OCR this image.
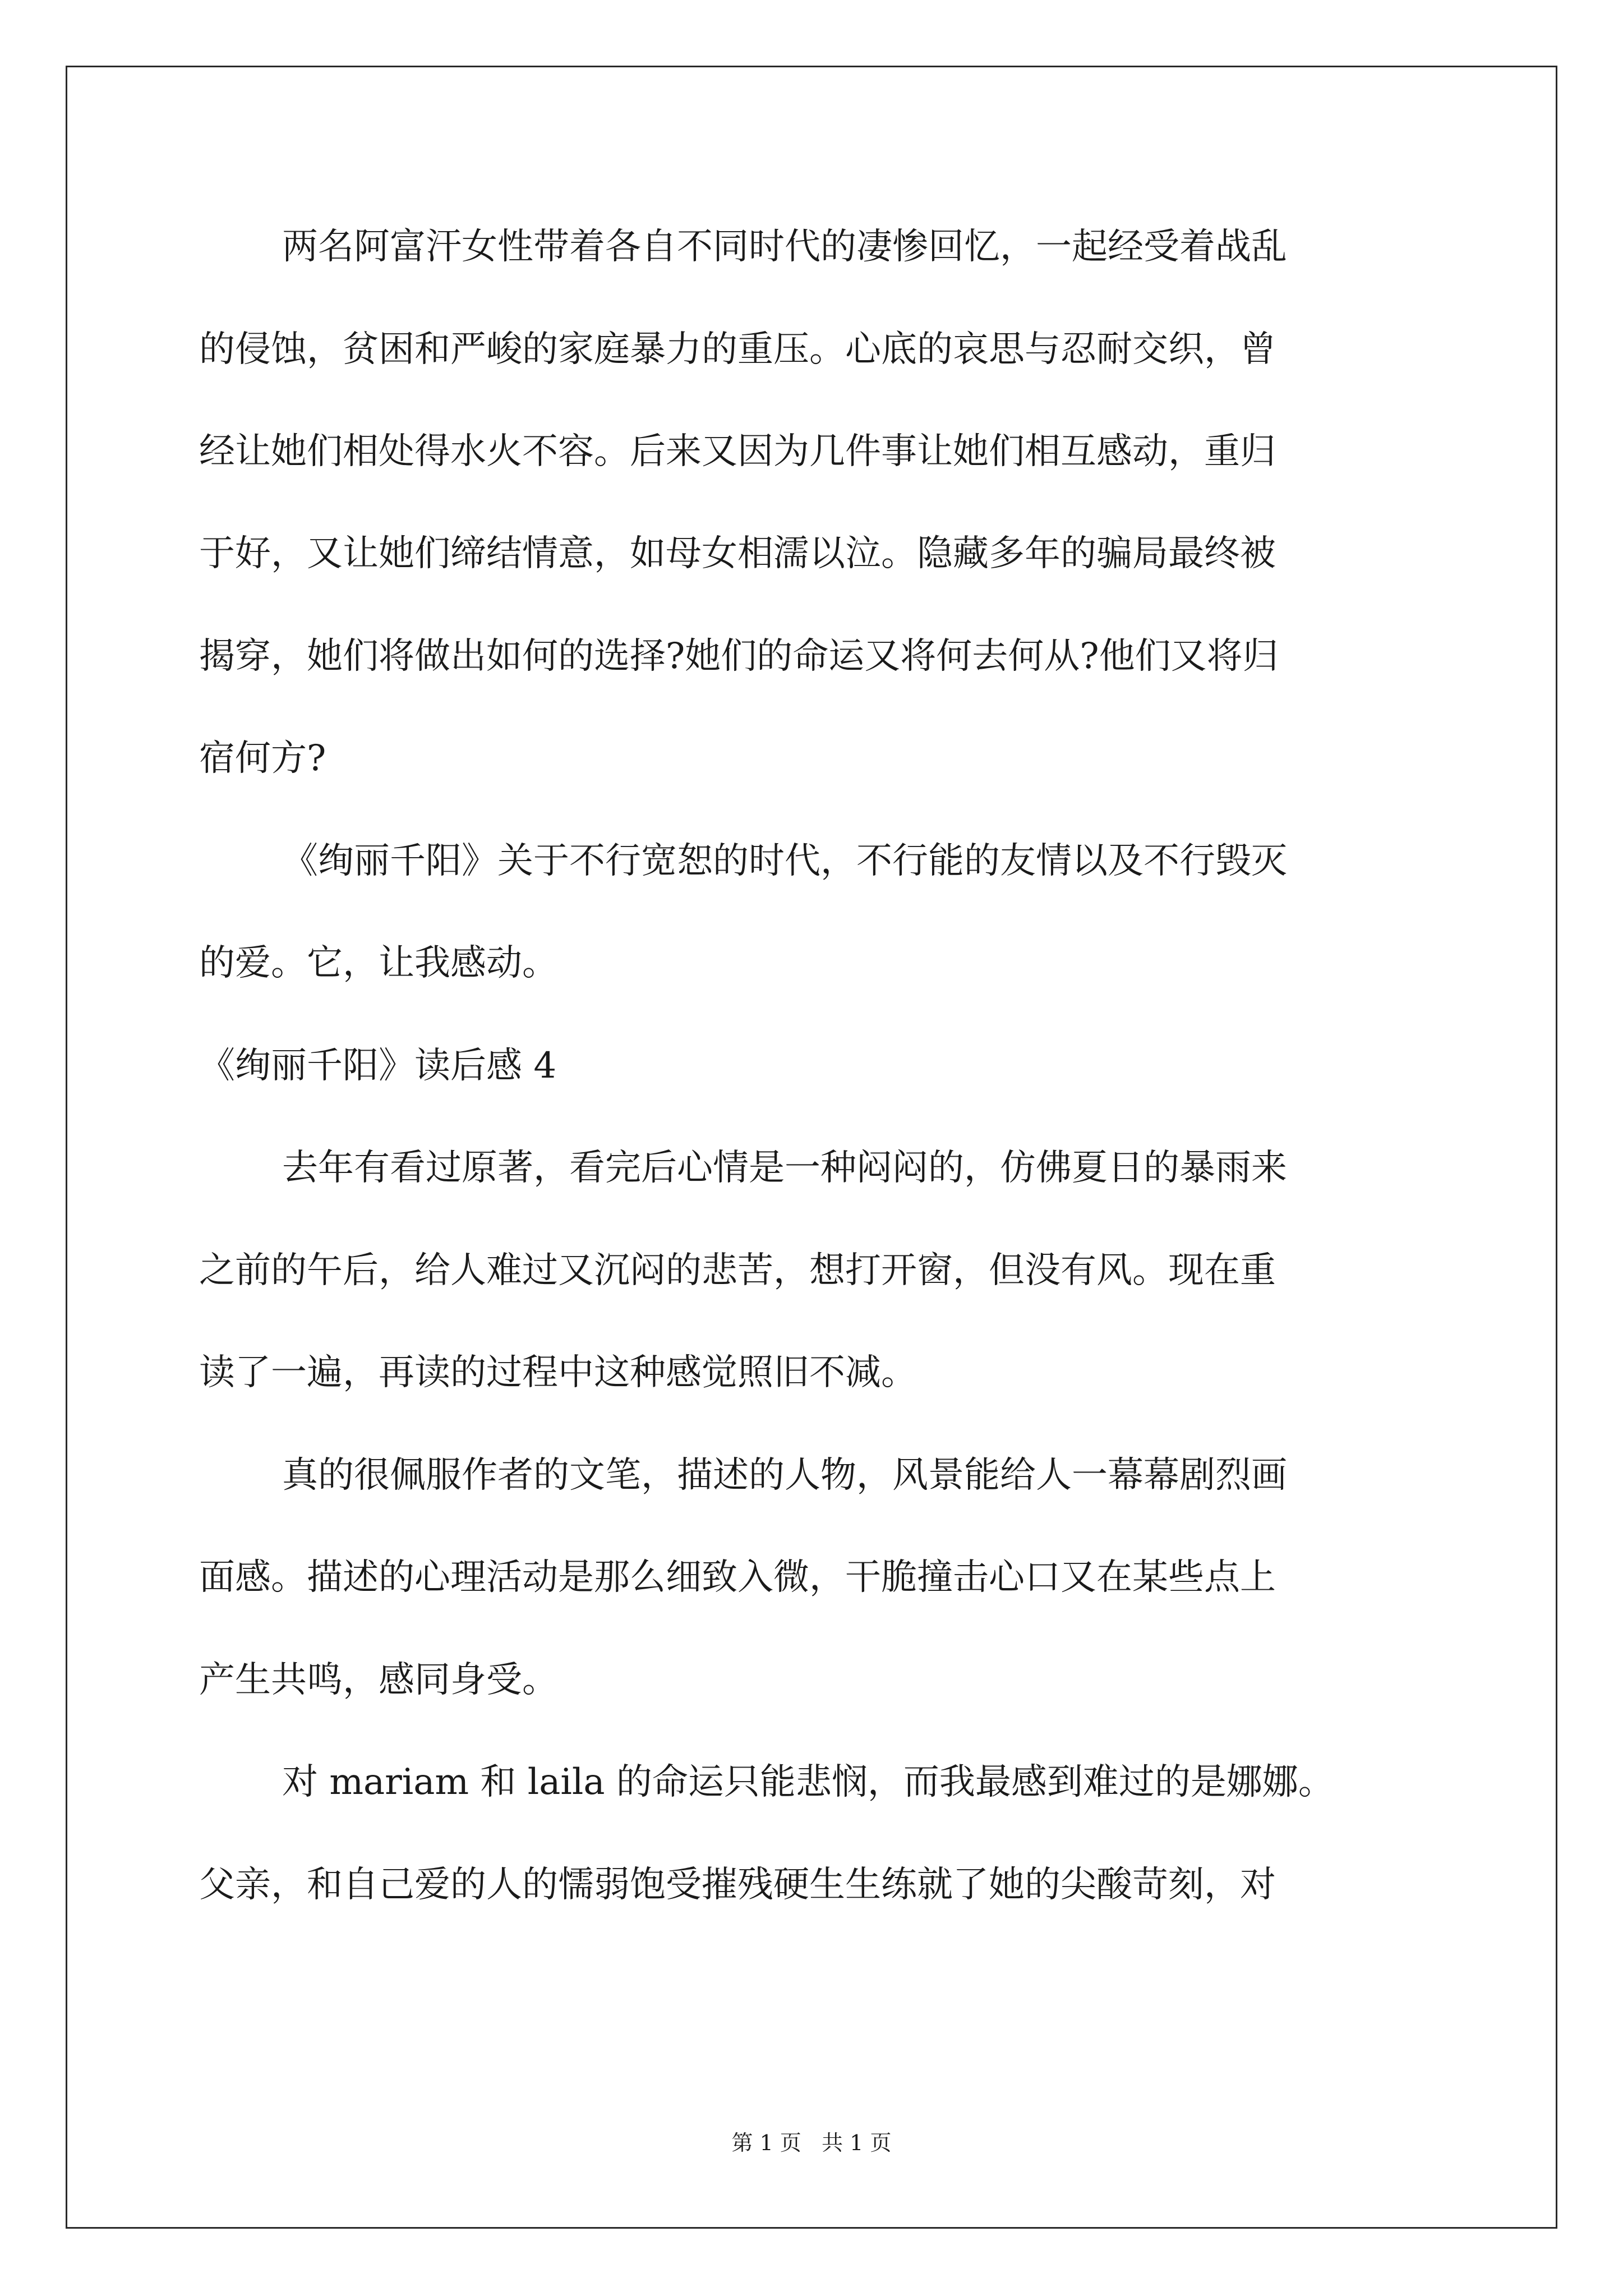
两名阿富汗女性带着各自不同时代的凄惨回忆，一起经受着战乱
的侵蚀，贫困和严峻的家庭暴力的重压。心底的哀思与忍耐交织，曾
经让她们相处得水火不容。后来又因为几件事让她们相互感动，重归
于好，又让她们缔结情意，如母女相濡以泣。隐藏多年的骗局最终被
揭穿，她们将做出如何的选择?她们的命运又将何去何从?他们又将归
宿何方?
《绚丽千阳》关于不行宽恕的时代，不行能的友情以及不行毁灭
的爱。它，让我感动。
《绚丽千阳》读后感 4
去年有看过原著，看完后心情是一种闷闷的，仿佛夏日的暴雨来
之前的午后，给人难过又沉闷的悲苦，想打开窗，但没有风。现在重
读了一遍，再读的过程中这种感觉照旧不减。
真的很佩服作者的文笔，描述的人物，风景能给人一幕幕剧烈画
面感。描述的心理活动是那么细致入微，干脆撞击心口又在某些点上
产生共鸣，感同身受。
对 mariam 和 laila 的命运只能悲悯，而我最感到难过的是娜娜。
父亲，和自己爱的人的懦弱饱受摧残硬生生练就了她的尖酸苛刻，对
第 1 页   共 1 页
